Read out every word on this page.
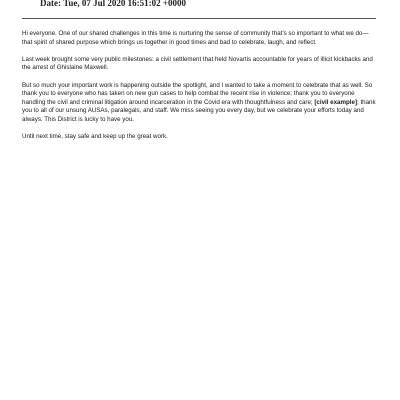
Date: Tue, 07 Jul 2020 16:51:02 +0000

Hi everyone. One of our shared challenges in this time is nurturing the sense of community that’s so important to what we do—that spirit of shared purpose which brings us together in good times and bad to celebrate, laugh, and reflect.

Last week brought some very public milestones: a civil settlement that held Novartis accountable for years of illicit kickbacks and the arrest of Ghislaine Maxwell.

But so much your important work is happening outside the spotlight, and I wanted to take a moment to celebrate that as well. So thank you to everyone who has taken on new gun cases to help combat the recent rise in violence; thank you to everyone handling the civil and criminal litigation around incarceration in the Covid era with thoughtfulness and care; [civil example]; thank you to all of our unsung AUSAs, paralegals, and staff. We miss seeing you every day, but we celebrate your efforts today and always. This District is lucky to have you.

Until next time, stay safe and keep up the great work.
